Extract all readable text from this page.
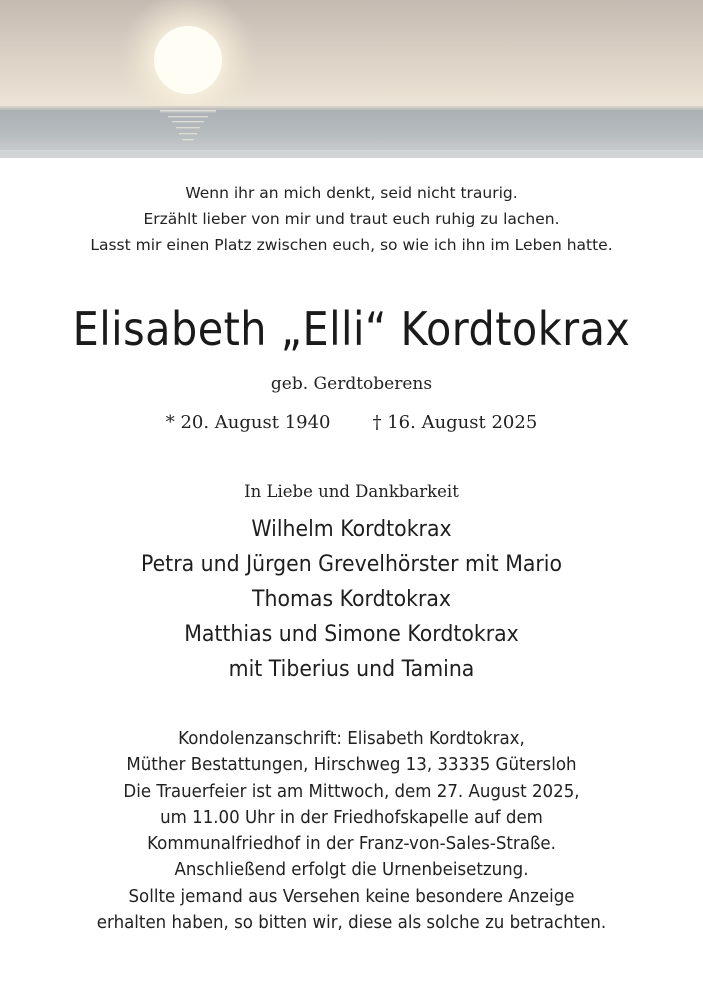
Wenn ihr an mich denkt, seid nicht traurig.
Erzählt lieber von mir und traut euch ruhig zu lachen.
Lasst mir einen Platz zwischen euch, so wie ich ihn im Leben hatte.
Elisabeth „Elli“ Kordtokrax
geb. Gerdtoberens
* 20. August 1940 † 16. August 2025
In Liebe und Dankbarkeit
Wilhelm Kordtokrax
Petra und Jürgen Grevelhörster mit Mario
Thomas Kordtokrax
Matthias und Simone Kordtokrax
mit Tiberius und Tamina
Kondolenzanschrift: Elisabeth Kordtokrax,
Müther Bestattungen, Hirschweg 13, 33335 Gütersloh
Die Trauerfeier ist am Mittwoch, dem 27. August 2025,
um 11.00 Uhr in der Friedhofskapelle auf dem
Kommunalfriedhof in der Franz-von-Sales-Straße.
Anschließend erfolgt die Urnenbeisetzung.
Sollte jemand aus Versehen keine besondere Anzeige
erhalten haben, so bitten wir, diese als solche zu betrachten.
